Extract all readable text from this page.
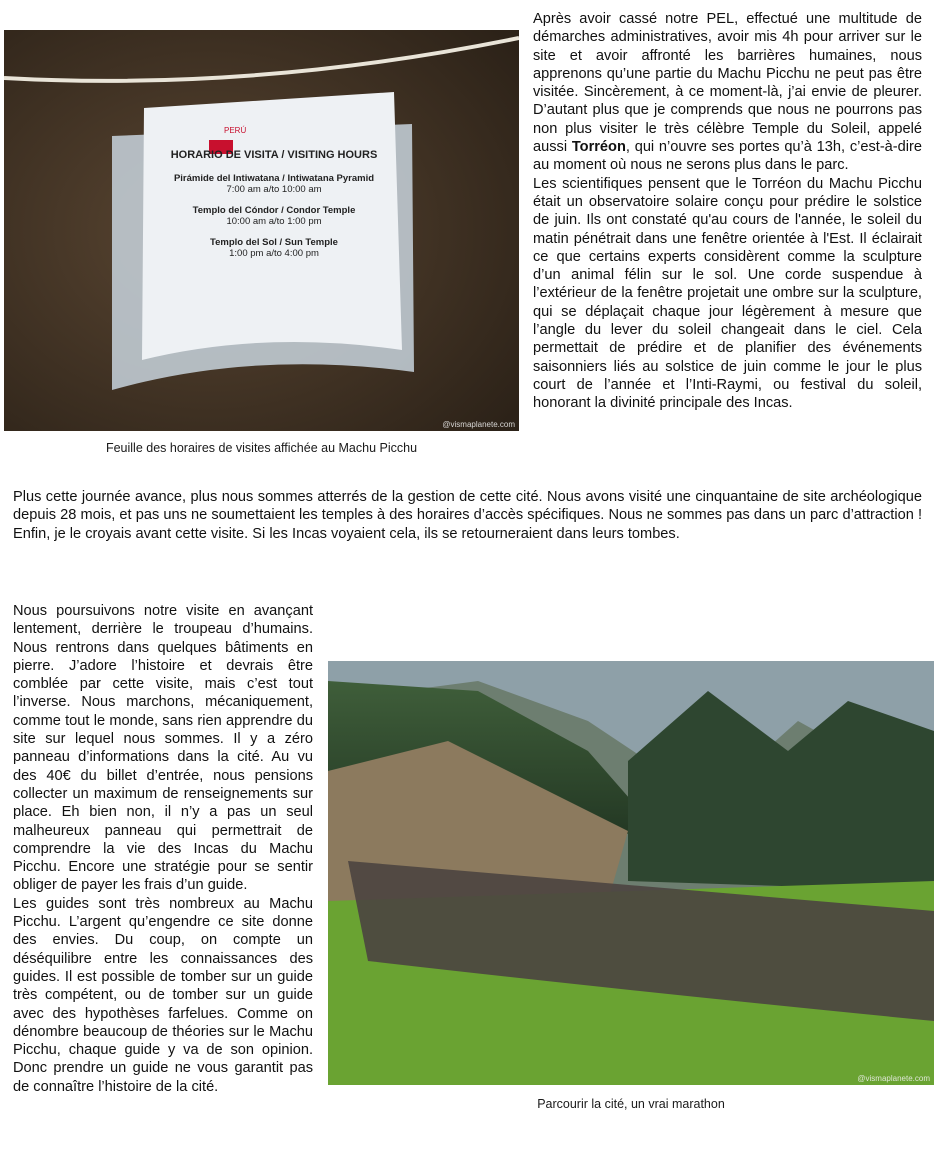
PERÚ
HORARIO DE VISITA / VISITING HOURS
Pirámide del Intiwatana / Intiwatana Pyramid
7:00 am a/to 10:00 am
Templo del Cóndor / Condor Temple
10:00 am a/to 1:00 pm
Templo del Sol / Sun Temple
1:00 pm a/to 4:00 pm
@vismaplanete.com
Feuille des horaires de visites affichée au Machu Picchu

Après avoir cassé notre PEL, effectué une multitude de démarches administratives, avoir mis 4h pour arriver sur le site et avoir affronté les barrières humaines, nous apprenons qu’une partie du Machu Picchu ne peut pas être visitée. Sincèrement, à ce moment-là, j’ai envie de pleurer. D’autant plus que je comprends que nous ne pourrons pas non plus visiter le très célèbre Temple du Soleil, appelé aussi Torréon, qui n’ouvre ses portes qu’à 13h, c’est-à-dire au moment où nous ne serons plus dans le parc.

Les scientifiques pensent que le Torréon du Machu Picchu était un observatoire solaire conçu pour prédire le solstice de juin. Ils ont constaté qu'au cours de l'année, le soleil du matin pénétrait dans une fenêtre orientée à l'Est. Il éclairait ce que certains experts considèrent comme la sculpture d’un animal félin sur le sol. Une corde suspendue à l’extérieur de la fenêtre projetait une ombre sur la sculpture, qui se déplaçait chaque jour légèrement à mesure que l’angle du lever du soleil changeait dans le ciel. Cela permettait de prédire et de planifier des événements saisonniers liés au solstice de juin comme le jour le plus court de l’année et l’Inti-Raymi, ou festival du soleil, honorant la divinité principale des Incas.

Plus cette journée avance, plus nous sommes atterrés de la gestion de cette cité. Nous avons visité une cinquantaine de site archéologique depuis 28 mois, et pas uns ne soumettaient les temples à des horaires d’accès spécifiques. Nous ne sommes pas dans un parc d’attraction ! Enfin, je le croyais avant cette visite. Si les Incas voyaient cela, ils se retourneraient dans leurs tombes.

Nous poursuivons notre visite en avançant lentement, derrière le troupeau d’humains. Nous rentrons dans quelques bâtiments en pierre. J’adore l’histoire et devrais être comblée par cette visite, mais c’est tout l’inverse. Nous marchons, mécaniquement, comme tout le monde, sans rien apprendre du site sur lequel nous sommes. Il y a zéro panneau d’informations dans la cité. Au vu des 40€ du billet d’entrée, nous pensions collecter un maximum de renseignements sur place. Eh bien non, il n’y a pas un seul malheureux panneau qui permettrait de comprendre la vie des Incas du Machu Picchu. Encore une stratégie pour se sentir obliger de payer les frais d’un guide.

Les guides sont très nombreux au Machu Picchu. L’argent qu’engendre ce site donne des envies. Du coup, on compte un déséquilibre entre les connaissances des guides. Il est possible de tomber sur un guide très compétent, ou de tomber sur un guide avec des hypothèses farfelues. Comme on dénombre beaucoup de théories sur le Machu Picchu, chaque guide y va de son opinion. Donc prendre un guide ne vous garantit pas de connaître l’histoire de la cité.

@vismaplanete.com
Parcourir la cité, un vrai marathon
